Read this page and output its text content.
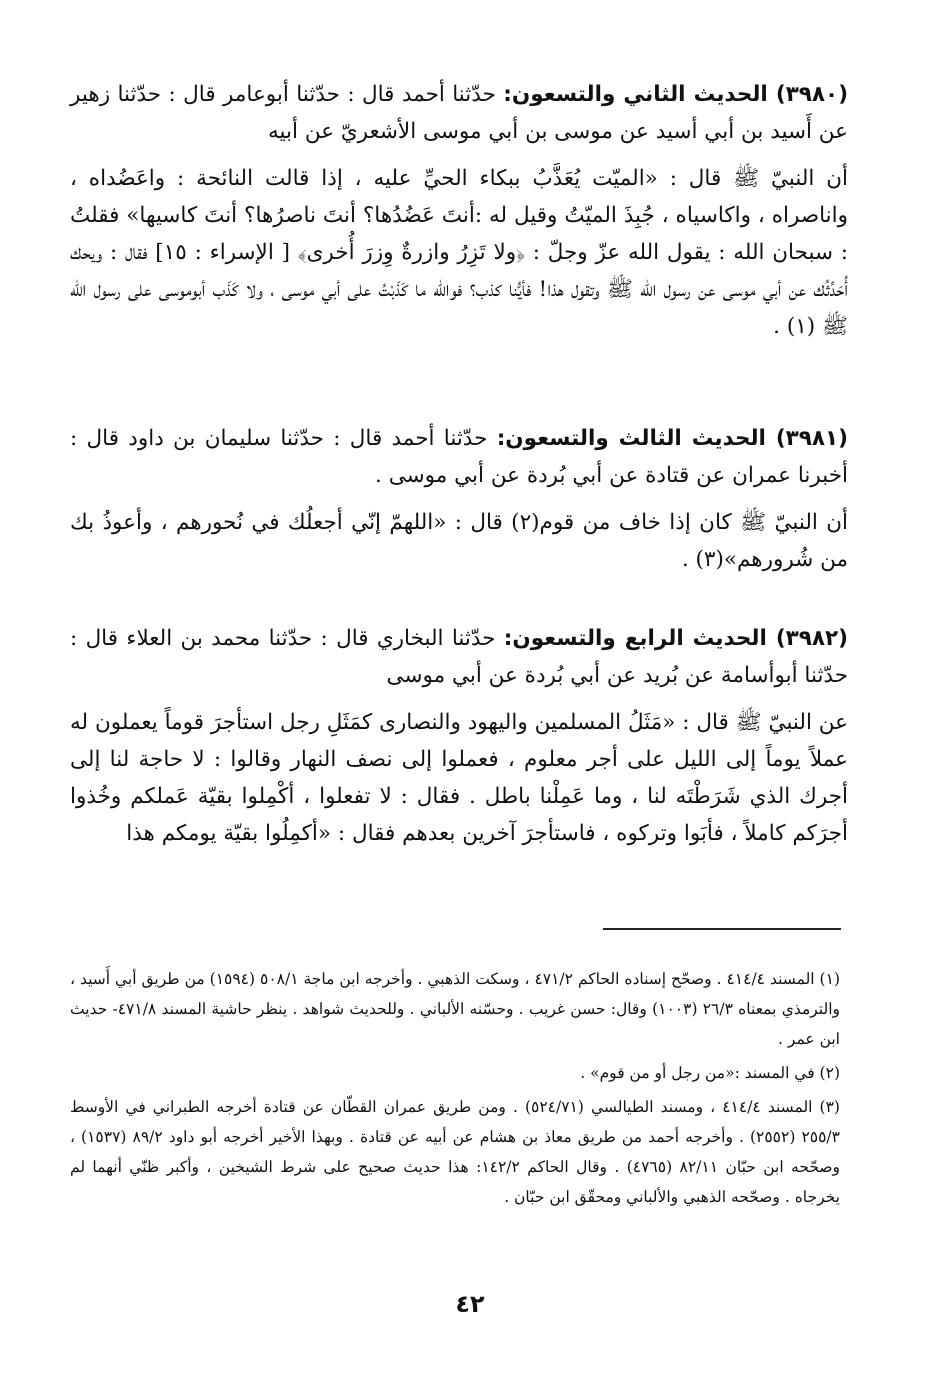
(٣٩٨٠) الحديث الثاني والتسعون: حدّثنا أحمد قال : حدّثنا أبوعامر قال : حدّثنا زهير عن أَسيد بن أبي أسيد عن موسى بن أبي موسى الأشعريّ عن أبيه

أن النبيّ ﷺ قال : «الميّت يُعَذَّبُ ببكاء الحيِّ عليه ، إذا قالت النائحة : واعَضُداه ، واناصراه ، واكاسياه ، جُبِذَ الميّتُ وقيل له :أنتَ عَضُدُها؟ أنتَ ناصرُها؟ أنتَ كاسيها» فقلتُ : سبحان الله : يقول الله عزّ وجلّ : ﴿ولا تَزِرُ وازرةٌ وِزرَ أُخرى﴾ [ الإسراء : ١٥] فقال : ويحك أُحَدِّثُك عن أبي موسى عن رسول الله ﷺ وتقول هذا! فأيُّنا كذب؟ فوالله ما كَذَبْتُ على أبي موسى ، ولا كَذَب أبوموسى على رسول الله ﷺ (١) .

(٣٩٨١) الحديث الثالث والتسعون: حدّثنا أحمد قال : حدّثنا سليمان بن داود قال : أخبرنا عمران عن قتادة عن أبي بُردة عن أبي موسى .

أن النبيّ ﷺ كان إذا خاف من قوم(٢) قال : «اللهمّ إنّي أجعلُك في نُحورهم ، وأعوذُ بك من شُرورهم»(٣) .

(٣٩٨٢) الحديث الرابع والتسعون: حدّثنا البخاري قال : حدّثنا محمد بن العلاء قال : حدّثنا أبوأسامة عن بُريد عن أبي بُردة عن أبي موسى

عن النبيّ ﷺ قال : «مَثَلُ المسلمين واليهود والنصارى كمَثَلِ رجل استأجرَ قوماً يعملون له عملاً يوماً إلى الليل على أجر معلوم ، فعملوا إلى نصف النهار وقالوا : لا حاجة لنا إلى أجرك الذي شَرَطْتَه لنا ، وما عَمِلْنا باطل . فقال : لا تفعلوا ، أكْمِلوا بقيّة عَملكم وخُذوا أجرَكم كاملاً ، فأبَوا وتركوه ، فاستأجرَ آخرين بعدهم فقال : «أكمِلُوا بقيّة يومكم هذا

(١) المسند ٤١٤/٤ . وصحّح إسناده الحاكم ٤٧١/٢ ، وسكت الذهبي . وأخرجه ابن ماجة ٥٠٨/١ (١٥٩٤) من طريق أبي أَسيد ، والترمذي بمعناه ٢٦/٣ (١٠٠٣) وقال: حسن غريب . وحسّنه الألباني . وللحديث شواهد . ينظر حاشية المسند ٤٧١/٨- حديث ابن عمر .

(٢) في المسند :«من رجل أو من قوم» .

(٣) المسند ٤١٤/٤ ، ومسند الطيالسي (٥٢٤/٧١) . ومن طريق عمران القطّان عن قتادة أخرجه الطبراني في الأوسط ٢٥٥/٣ (٢٥٥٢) . وأخرجه أحمد من طريق معاذ بن هشام عن أبيه عن قتادة . وبهذا الأخير أخرجه أبو داود ٨٩/٢ (١٥٣٧) ، وصحّحه ابن حبّان ٨٢/١١ (٤٧٦٥) . وقال الحاكم ١٤٢/٢: هذا حديث صحيح على شرط الشيخين ، وأكبر ظنّي أنهما لم يخرجاه . وصحّحه الذهبي والألباني ومحقّق ابن حبّان .

٤٢
